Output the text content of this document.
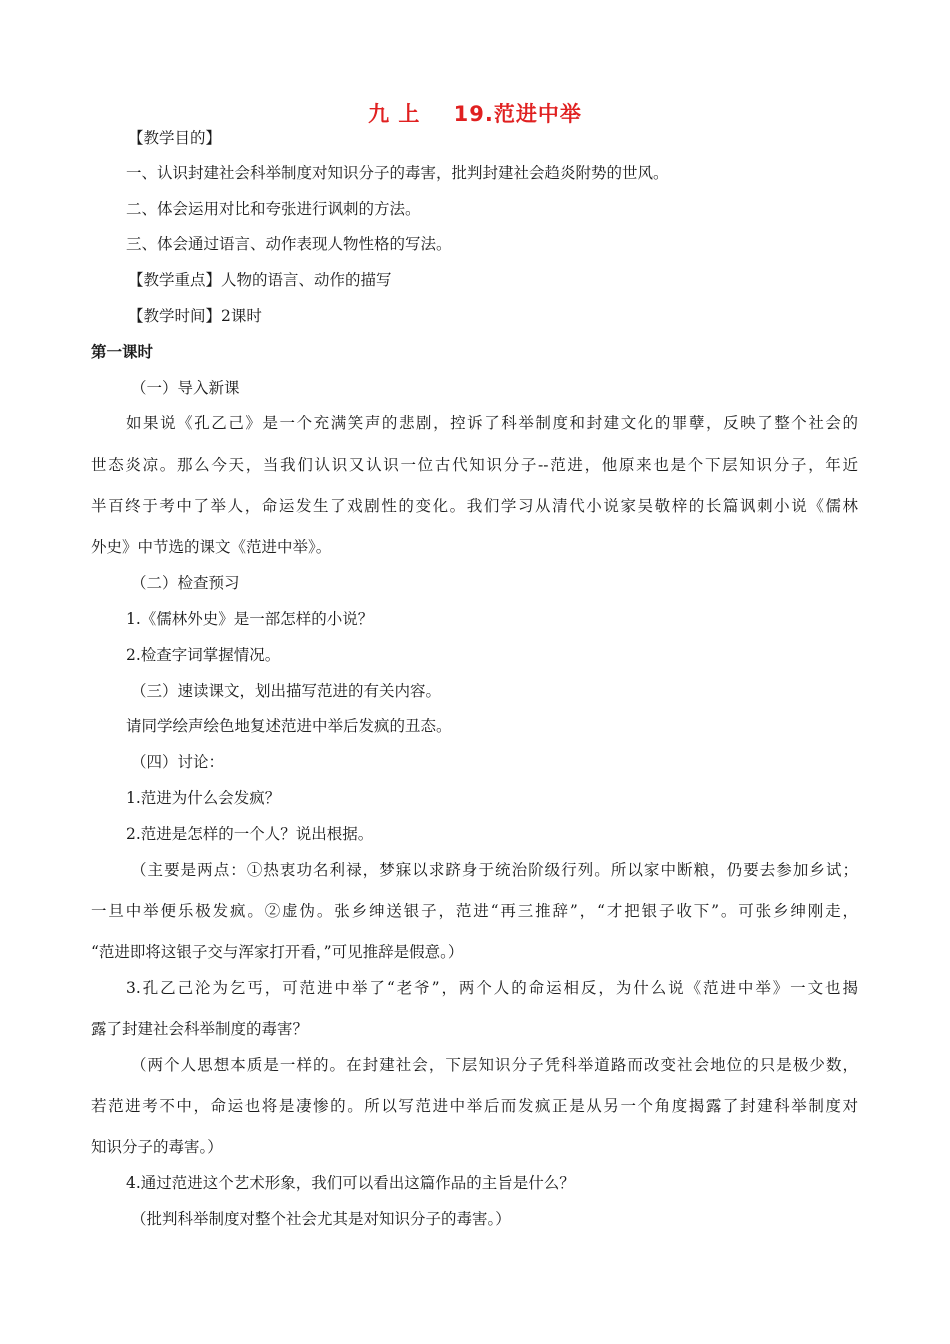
九 上    19.范进中举
【教学目的】
一、认识封建社会科举制度对知识分子的毒害，批判封建社会趋炎附势的世风。
二、体会运用对比和夸张进行讽刺的方法。
三、体会通过语言、动作表现人物性格的写法。
【教学重点】人物的语言、动作的描写
【教学时间】2课时
第一课时
（一）导入新课
如果说《孔乙己》是一个充满笑声的悲剧，控诉了科举制度和封建文化的罪孽，反映了整个社会的
世态炎凉。那么今天，当我们认识又认识一位古代知识分子--范进，他原来也是个下层知识分子，年近
半百终于考中了举人，命运发生了戏剧性的变化。我们学习从清代小说家吴敬梓的长篇讽刺小说《儒林
外史》中节选的课文《范进中举》。
（二）检查预习
1.《儒林外史》是一部怎样的小说？
2.检查字词掌握情况。
（三）速读课文，划出描写范进的有关内容。
请同学绘声绘色地复述范进中举后发疯的丑态。
（四）讨论：
1.范进为什么会发疯？
2.范进是怎样的一个人？说出根据。
（主要是两点：①热衷功名利禄，梦寐以求跻身于统治阶级行列。所以家中断粮，仍要去参加乡试；
一旦中举便乐极发疯。②虚伪。张乡绅送银子，范进“再三推辞”，“才把银子收下”。可张乡绅刚走，
“范进即将这银子交与浑家打开看，”可见推辞是假意。）
3.孔乙己沦为乞丐，可范进中举了“老爷”，两个人的命运相反，为什么说《范进中举》一文也揭
露了封建社会科举制度的毒害？
（两个人思想本质是一样的。在封建社会，下层知识分子凭科举道路而改变社会地位的只是极少数，
若范进考不中，命运也将是凄惨的。所以写范进中举后而发疯正是从另一个角度揭露了封建科举制度对
知识分子的毒害。）
4.通过范进这个艺术形象，我们可以看出这篇作品的主旨是什么？
（批判科举制度对整个社会尤其是对知识分子的毒害。）
